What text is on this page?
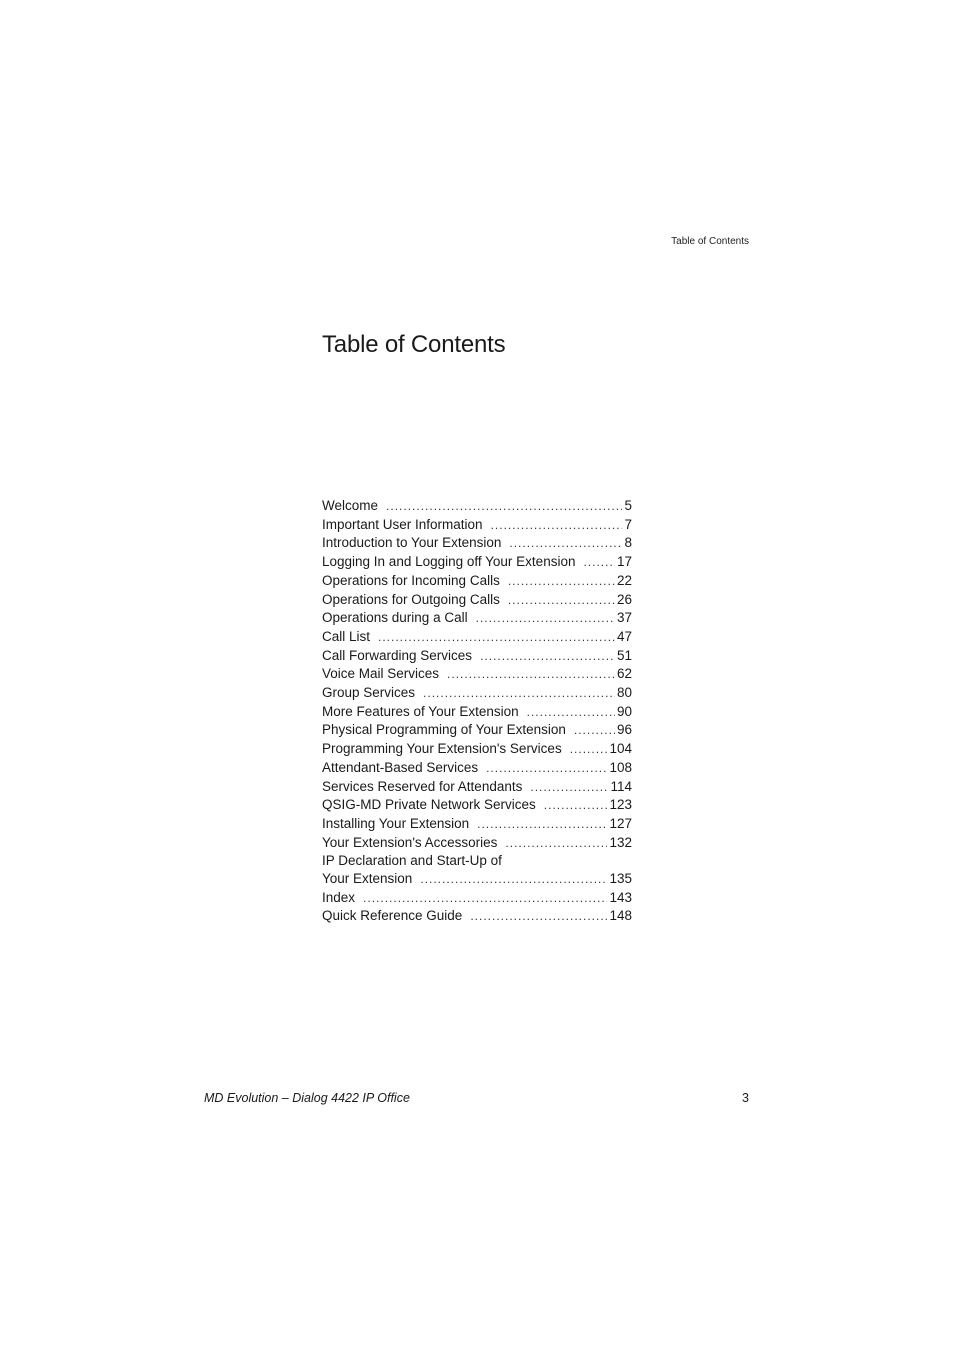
Table of Contents
Table of Contents
Welcome .....	5
Important User Information .....	7
Introduction to Your Extension .....	8
Logging In and Logging off Your Extension .....	17
Operations for Incoming Calls .....	22
Operations for Outgoing Calls .....	26
Operations during a Call .....	37
Call List .....	47
Call Forwarding Services .....	51
Voice Mail Services .....	62
Group Services .....	80
More Features of Your Extension .....	90
Physical Programming of Your Extension .....	96
Programming Your Extension's Services .....	104
Attendant-Based Services .....	108
Services Reserved for Attendants .....	114
QSIG-MD Private Network Services .....	123
Installing Your Extension .....	127
Your Extension's Accessories .....	132
IP Declaration and Start-Up of
Your Extension .....	135
Index .....	143
Quick Reference Guide .....	148
MD Evolution – Dialog 4422 IP Office	3
